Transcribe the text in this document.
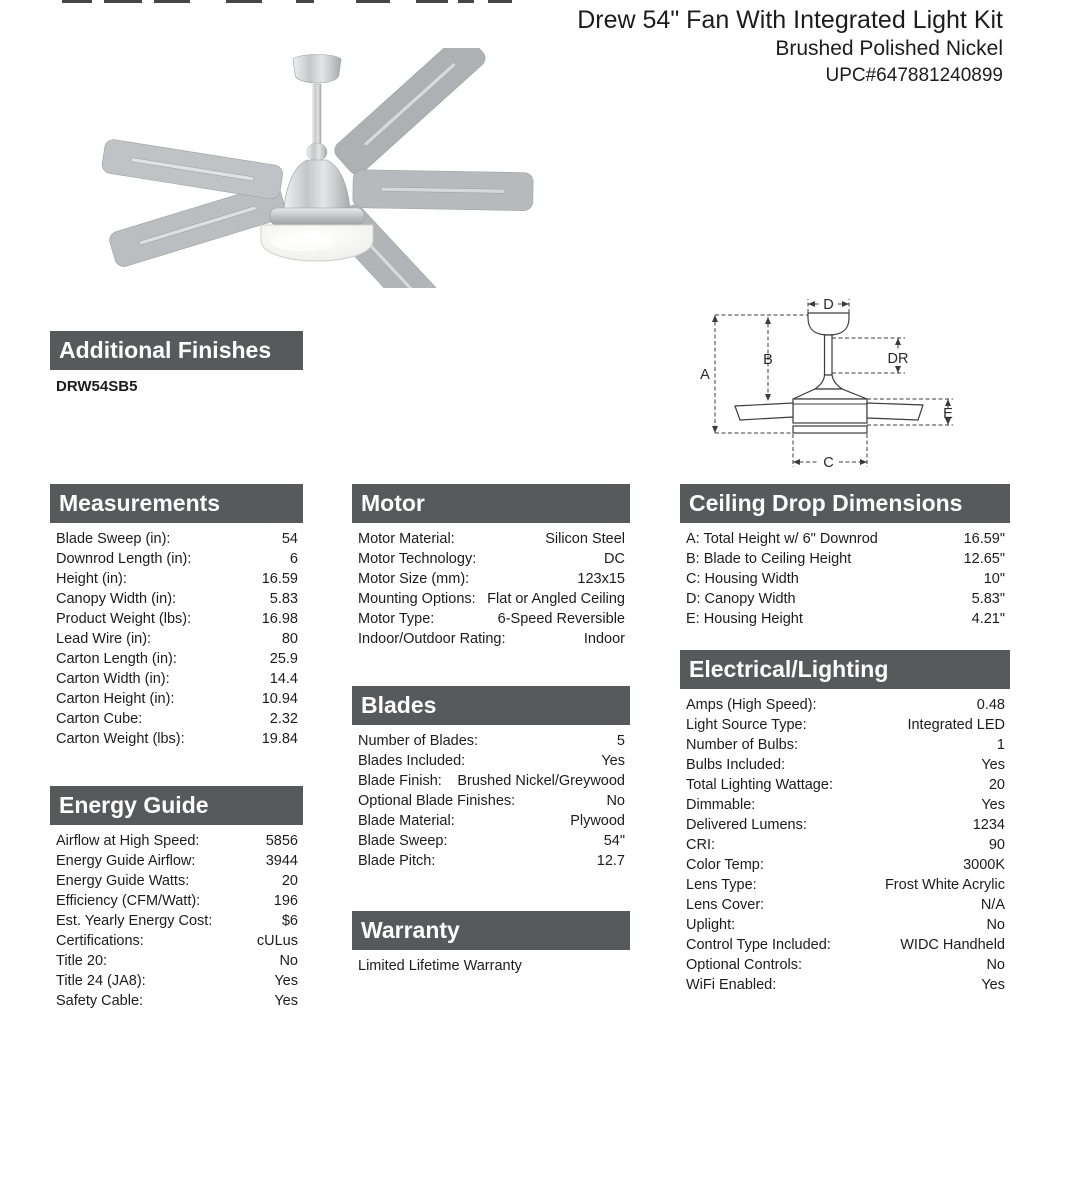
Drew 54" Fan With Integrated Light Kit
Brushed Polished Nickel
UPC#647881240899
A
B
C
D
E
DR
Additional Finishes
DRW54SB5
Measurements
Blade Sweep (in):	54
Downrod Length (in):	6
Height (in):	16.59
Canopy Width (in):	5.83
Product Weight (lbs):	16.98
Lead Wire (in):	80
Carton Length (in):	25.9
Carton Width (in):	14.4
Carton Height (in):	10.94
Carton Cube:	2.32
Carton Weight (lbs):	19.84
Energy Guide
Airflow at High Speed:	5856
Energy Guide Airflow:	3944
Energy Guide Watts:	20
Efficiency (CFM/Watt):	196
Est. Yearly Energy Cost:	$6
Certifications:	cULus
Title 20:	No
Title 24 (JA8):	Yes
Safety Cable:	Yes
Motor
Motor Material:	Silicon Steel
Motor Technology:	DC
Motor Size (mm):	123x15
Mounting Options: Flat or Angled Ceiling
Motor Type:	6-Speed Reversible
Indoor/Outdoor Rating:	Indoor
Blades
Number of Blades:	5
Blades Included:	Yes
Blade Finish: Brushed Nickel/Greywood
Optional Blade Finishes:	No
Blade Material:	Plywood
Blade Sweep:	54"
Blade Pitch:	12.7
Warranty
Limited Lifetime Warranty
Ceiling Drop Dimensions
A: Total Height w/ 6" Downrod	16.59"
B: Blade to Ceiling Height	12.65"
C: Housing Width	10"
D: Canopy Width	5.83"
E: Housing Height	4.21"
Electrical/Lighting
Amps (High Speed):	0.48
Light Source Type:	Integrated LED
Number of Bulbs:	1
Bulbs Included:	Yes
Total Lighting Wattage:	20
Dimmable:	Yes
Delivered Lumens:	1234
CRI:	90
Color Temp:	3000K
Lens Type:	Frost White Acrylic
Lens Cover:	N/A
Uplight:	No
Control Type Included:	WIDC Handheld
Optional Controls:	No
WiFi Enabled:	Yes
